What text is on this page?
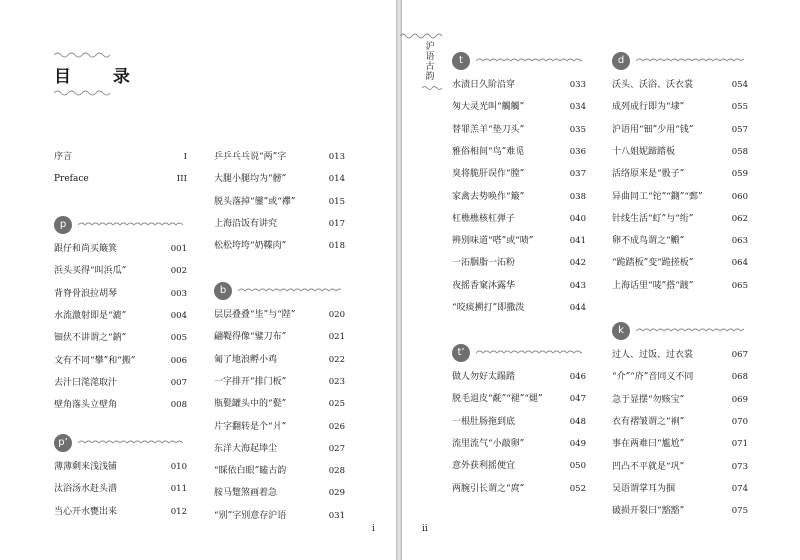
目 录
序言	I
Preface	III
i
p
跟仔和尚买簸箕	001
浜头买得“叫浜瓜”	002
背脊骨浪拉胡琴	003
水流激射即是“漉”	004
钿伏不讲谓之“鈉”	005
文有不同“攀”和“搬”	006
去汁曰滗滗取汁	007
壁角落头立壁角	008
p’
薄薄剩来浅浅铺	010
汰浴汤水赶头潽	011
当心开水甕出来	012
乒乒乓乓说“两”字	013
大腿小腿均为“髈”	014
脱头落掉“鑾”或“襻”	015
上海沿饭有讲究	017
松松垮垮“奶鞢肉”	018
b
层层叠叠“坒”与“陛”	020
翩鞮得像“鐾刀布”	021
匍了地浪孵小鸡	022
一字排开“排门板”	023
瓶甏罐头中的“甏”	025
片字翻转是个“爿”	026
东洋大海起埲尘	027
“睬依白眼”瞌古韵	028
胺马蹩煞画着急	029
“别”字别意存沪语	031
ii
t
水渍日久阶沿穿	033
匆大灵光叫“觸觸”	034
替罪羔羊“垫刀头”	035
雅俗相间“鸟”难觅	036
臭将脆肝误作“膛”	037
家禽去势唤作“簸”	038
杠樵樵核杠弹子	040
辨别味道“嗒”或“啧”	041
一沰胭脂一沰粉	042
夜摇香窠沐露华	043
“咬痰搠打”即撒泼	044
t’
做人勿好太蹋踏	046
脱毛退皮“氄”“褪”“煺”	047
一根肚肠拖到底	048
流里流气“小敲卵”	049
意外获利摇便宜	050
两腕引长谓之“庹”	052
d
沃头、沃浴、沃衣裳	054
成列成行即为“埭”	055
沪语用“钿”少用“钱”	057
十八姐妮蹄踏板	058
活络原来是“骰子”	059
异曲同工“铊”“鍘”“鄄”	060
针线生活“虰”与“绗”	062
卵不成鸟谓之“毈”	063
“跪踏板”变“跪搓板”	064
上海话里“唛”搭“踱”	065
k
过人、过饭、过衣裳	067
“介”“庎”音同义不同	068
急于显摆“勿赅宝”	069
衣有褶皱谓之“裥”	070
事在两难曰“尴尬”	071
凹凸不平就是“巩”	073
吴语谓掌耳为掴	074
破损开裂曰“豁豁”	075
沪语古韵
